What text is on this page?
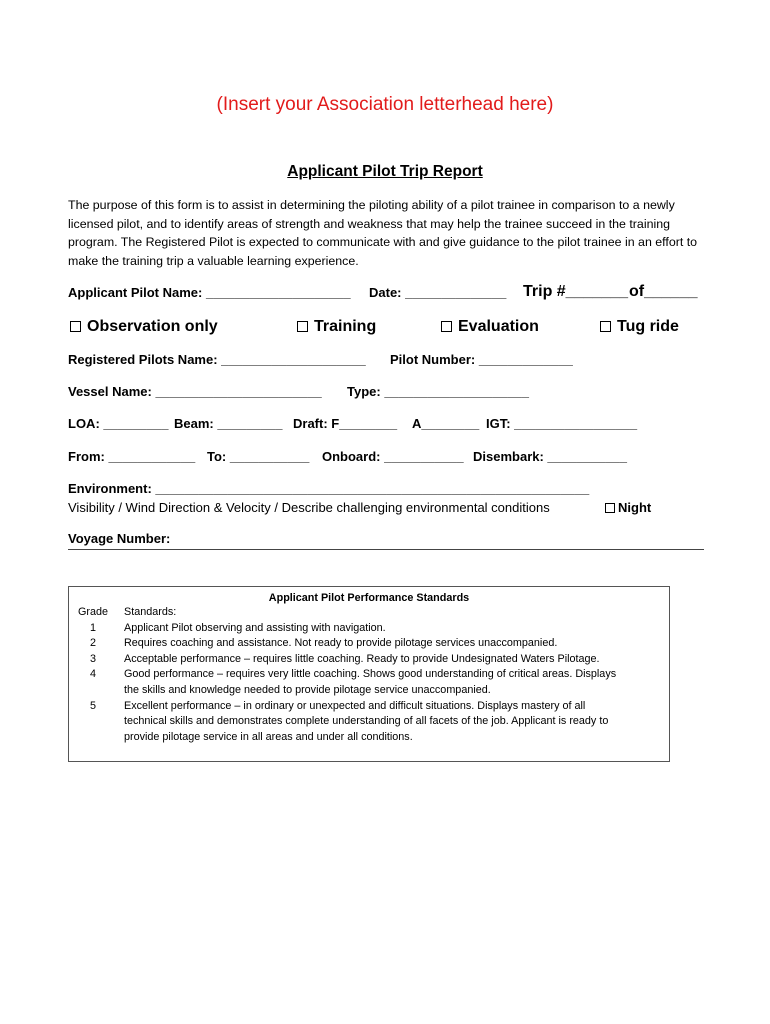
(Insert your Association letterhead here)
Applicant Pilot Trip Report
The purpose of this form is to assist in determining the piloting ability of a pilot trainee in comparison to a newly licensed pilot, and to identify areas of strength and weakness that may help the trainee succeed in the training program. The Registered Pilot is expected to communicate with and give guidance to the pilot trainee in an effort to make the training trip a valuable learning experience.
Applicant Pilot Name: ____________________ Date: ______________ Trip #_______ of______
Observation only	Training	Evaluation	Tug ride
Registered Pilots Name: ____________________ Pilot Number: _____________
Vessel Name: _______________________ Type: ____________________
LOA: _________ Beam: _________ Draft: F________ A________ IGT: _________________
From: ____________ To: ___________ Onboard: ___________ Disembark: ___________
Environment: ____________________________________________________________
Visibility / Wind Direction & Velocity / Describe challenging environmental conditions	Night
Voyage Number:
Applicant Pilot Performance Standards
Grade	Standards:
1	Applicant Pilot observing and assisting with navigation.
2	Requires coaching and assistance. Not ready to provide pilotage services unaccompanied.
3	Acceptable performance – requires little coaching. Ready to provide Undesignated Waters Pilotage.
4	Good performance – requires very little coaching. Shows good understanding of critical areas. Displays
the skills and knowledge needed to provide pilotage service unaccompanied.
5	Excellent performance – in ordinary or unexpected and difficult situations. Displays mastery of all
technical skills and demonstrates complete understanding of all facets of the job. Applicant is ready to
provide pilotage service in all areas and under all conditions.
